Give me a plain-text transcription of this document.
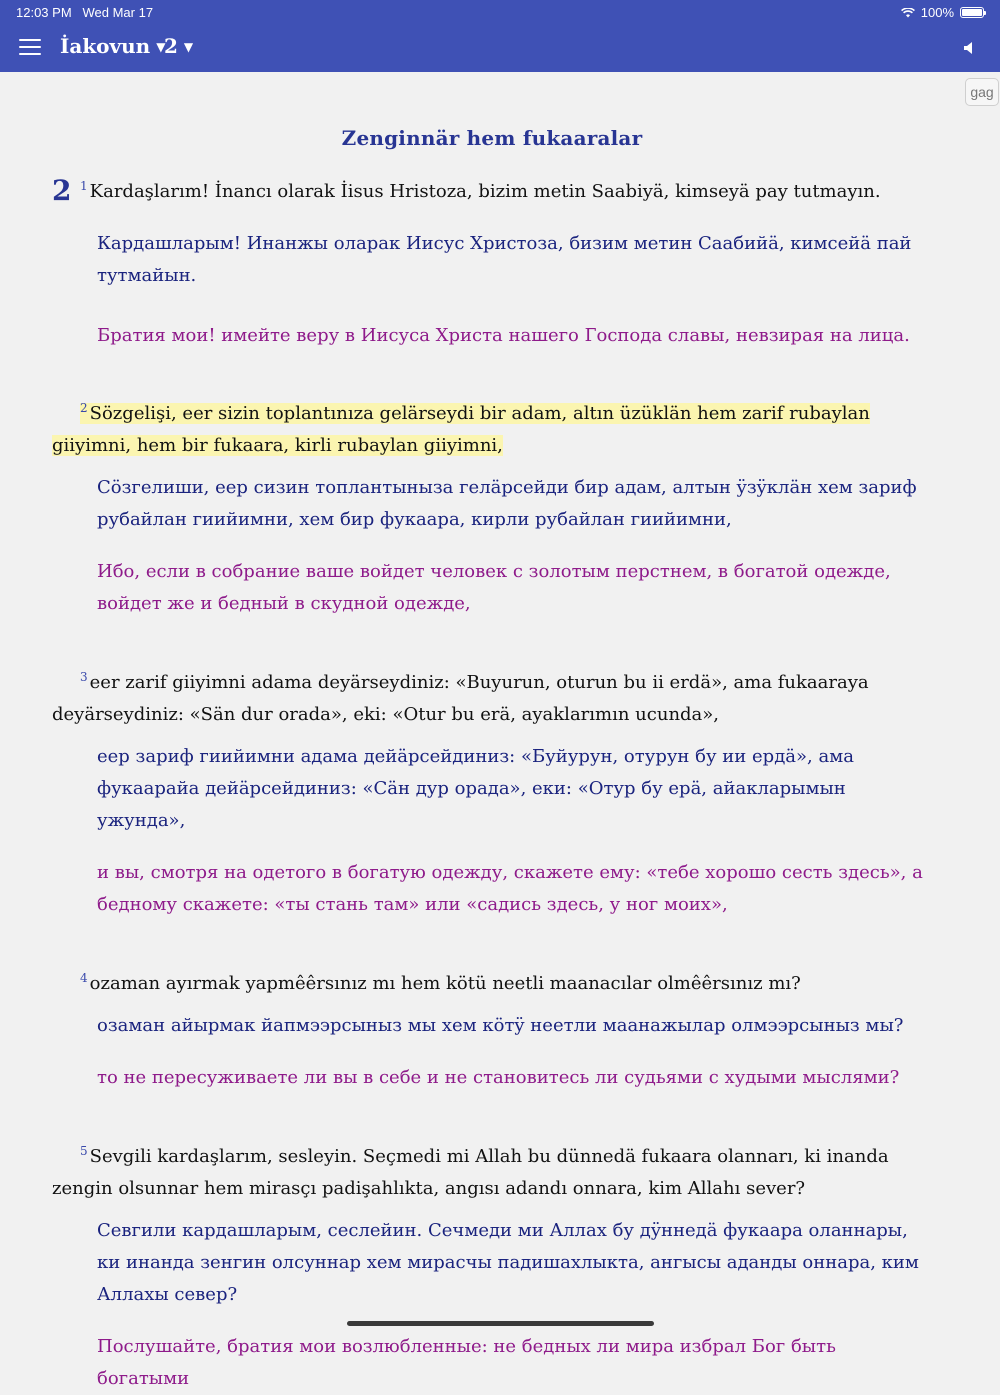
12:03 PM Wed Mar 17	100%
İakovun ▼
2 ▼
gag
Zenginnär hem fukaaralar
2 $^1$ Kardaşlarım! İnancı olarak İisus Hristoza, bizim metin Saabiyä, kimseyä pay tutmayın.
Кардашларым! Инанжы оларак Иисус Христоза, бизим метин Саабийä, кимсейä пай тутмайын.
Братия мои! имейте веру в Иисуса Христа нашего Господа славы, невзирая на лица.
$^2$ Sözgelişi, eer sizin toplantınıza gelärseydi bir adam, altın üzüklän hem zarif rubaylan giiyimni, hem bir fukaara, kirli rubaylan giiyimni,
Сöзгелиши, еер сизин топлантыныза гелäрсейди бир адам, алтын ÿзÿклäн хем зариф рубайлан гиийимни, хем бир фукаара, кирли рубайлан гиийимни,
Ибо, если в собрание ваше войдет человек с золотым перстнем, в богатой одежде, войдет же и бедный в скудной одежде,
$^3$ eer zarif giiyimni adama deyärseydiniz: «Buyurun, oturun bu ii erdä», ama fukaaraya deyärseydiniz: «Sän dur orada», eki: «Otur bu erä, ayaklarımın ucunda»,
еер зариф гиийимни адама дейäрсейдиниз: «Буйурун, отурун бу ии ердä», ама фукаарайа дейäрсейдиниз: «Сäн дур орада», еки: «Отур бу ерä, айакларымын ужунда»,
и вы, смотря на одетого в богатую одежду, скажете ему: «тебе хорошо сесть здесь», а бедному скажете: «ты стань там» или «садись здесь, у ног моих»,
$^4$ ozaman ayırmak yapmêêrsınız mı hem kötü neetli maanacılar olmêêrsınız mı?
озаман айырмак йапмээрсыныз мы хем кöтÿ неетли маанажылар олмээрсыныз мы?
то не пересуживаете ли вы в себе и не становитесь ли судьями с худыми мыслями?
$^5$ Sevgili kardaşlarım, sesleyin. Seçmedi mi Allah bu dünnedä fukaara olannarı, ki inanda zengin olsunnar hem mirasçı padişahlıkta, angısı adandı onnara, kim Allahı sever?
Севгили кардашларым, сеслейин. Сечмеди ми Аллах бу дÿннедä фукаара оланнары, ки инанда зенгин олсуннар хем мирасчы падишахлыкта, ангысы аданды оннара, ким Аллахы север?
Послушайте, братия мои возлюбленные: не бедных ли мира избрал Бог быть богатыми
